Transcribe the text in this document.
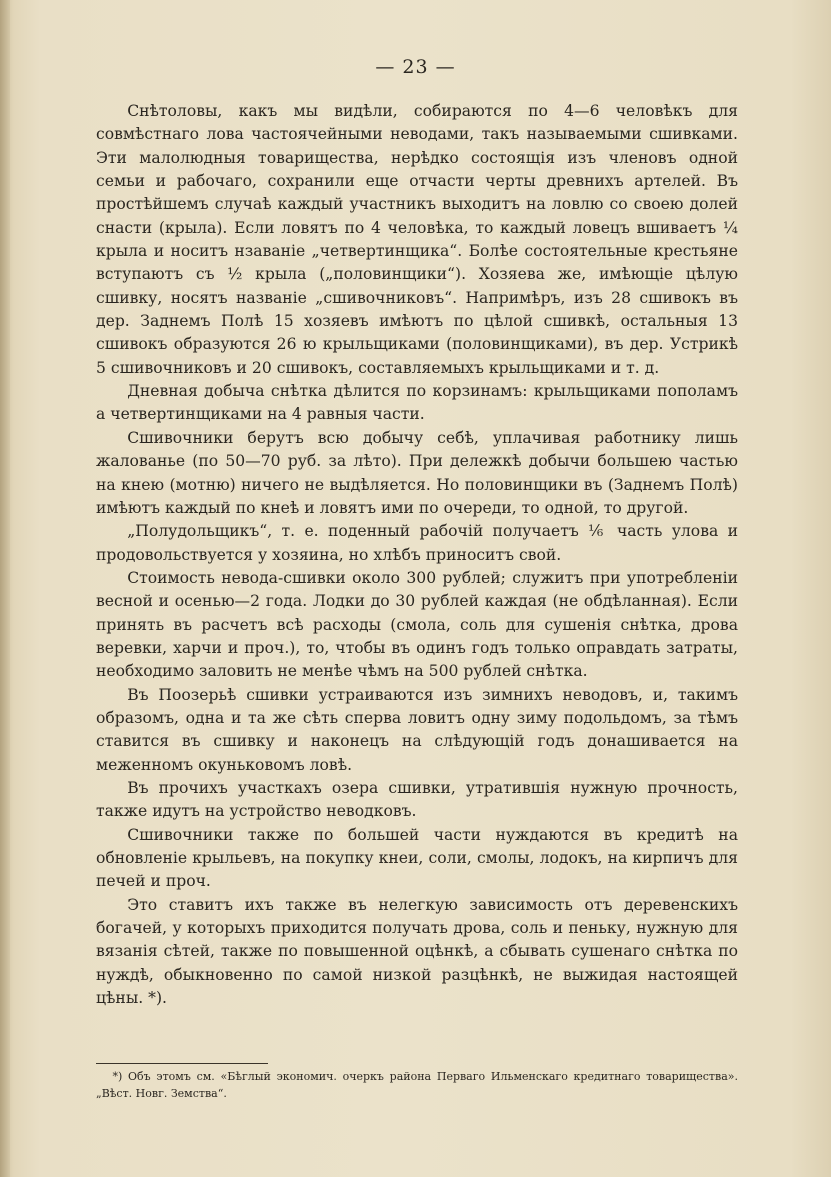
— 23 —

Снѣтоловы, какъ мы видѣли, собираются по 4—6 человѣкъ для совмѣстнаго лова частоячейными неводами, такъ называемыми сшивками. Эти малолюдныя товарищества, нерѣдко состоящія изъ членовъ одной семьи и рабочаго, сохранили еще отчасти черты древнихъ артелей. Въ простѣйшемъ случаѣ каждый участникъ выходитъ на ловлю со своею долей снасти (крыла). Если ловятъ по 4 человѣка, то каждый ловецъ вшиваетъ ¼ крыла и носитъ нзаванiе „четвертинщика“. Болѣе состоятельные крестьяне вступаютъ съ ½ крыла („половинщики“). Хозяева же, имѣющiе цѣлую сшивку, носятъ названiе „сшивочниковъ“. Напримѣръ, изъ 28 сшивокъ въ дер. Заднемъ Полѣ 15 хозяевъ имѣютъ по цѣлой сшивкѣ, остальныя 13 сшивокъ образуются 26 ю крыльщиками (половинщиками), въ дер. Устрикѣ 5 сшивочниковъ и 20 сшивокъ, составляемыхъ крыльщиками и т. д.

Дневная добыча снѣтка дѣлится по корзинамъ: крыльщиками пополамъ а четвертинщиками на 4 равныя части.

Сшивочники берутъ всю добычу себѣ, уплачивая работнику лишь жалованье (по 50—70 руб. за лѣто). При дележкѣ добычи большею частью на кнею (мотню) ничего не выдѣляется. Но половинщики въ (Заднемъ Полѣ) имѣютъ каждый по кнеѣ и ловятъ ими по очереди, то одной, то другой.

„Полудольщикъ“, т. е. поденный рабочiй получаетъ ⅙ часть улова и продовольствуется у хозяина, но хлѣбъ приноситъ свой.

Стоимость невода-сшивки около 300 рублей; служитъ при употребленiи весной и осенью—2 года. Лодки до 30 рублей каждая (не обдѣланная). Если принять въ расчетъ всѣ расходы (смола, соль для сушенiя снѣтка, дрова веревки, харчи и проч.), то, чтобы въ одинъ годъ только оправдать затраты, необходимо заловить не менѣе чѣмъ на 500 рублей снѣтка.

Въ Поозерьѣ сшивки устраиваются изъ зимнихъ неводовъ, и, такимъ образомъ, одна и та же сѣть сперва ловитъ одну зиму подольдомъ, за тѣмъ ставится въ сшивку и наконецъ на слѣдующiй годъ донашивается на меженномъ окуньковомъ ловѣ.

Въ прочихъ участкахъ озера сшивки, утратившiя нужную прочность, также идутъ на устройство неводковъ.

Сшивочники также по большей части нуждаются въ кредитѣ на обновленiе крыльевъ, на покупку кнеи, соли, смолы, лодокъ, на кирпичъ для печей и проч.

Это ставитъ ихъ также въ нелегкую зависимость отъ деревенскихъ богачей, у которыхъ приходится получать дрова, соль и пеньку, нужную для вязанiя сѣтей, также по повышенной оцѣнкѣ, а сбывать сушенаго снѣтка по нуждѣ, обыкновенно по самой низкой разцѣнкѣ, не выжидая настоящей цѣны. *).

*) Объ этомъ см. «Бѣглый экономич. очеркъ района Перваго Ильменскаго кредитнаго товарищества». „Вѣст. Новг. Земства“.
